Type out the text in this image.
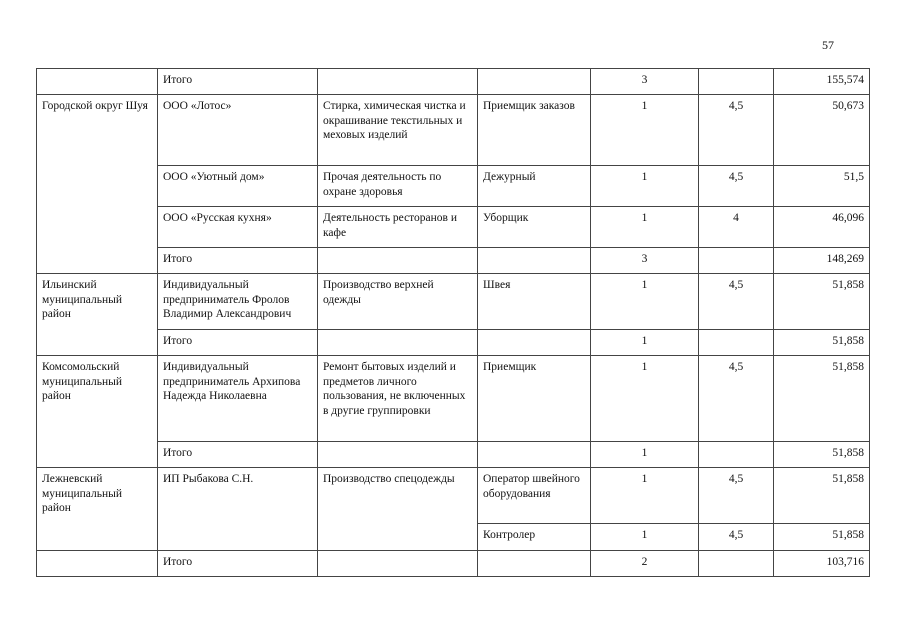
57
	Итого			3		155,574
Городской округ Шуя	ООО «Лотос»	Стирка, химическая чистка и окрашивание текстильных и меховых изделий	Приемщик заказов	1	4,5	50,673
	ООО «Уютный дом»	Прочая деятельность по охране здоровья	Дежурный	1	4,5	51,5
	ООО «Русская кухня»	Деятельность ресторанов и кафе	Уборщик	1	4	46,096
	Итого			3		148,269
Ильинский муниципальный район	Индивидуальный предприниматель Фролов Владимир Александрович	Производство верхней одежды	Швея	1	4,5	51,858
	Итого			1		51,858
Комсомольский муниципальный район	Индивидуальный предприниматель Архипова Надежда Николаевна	Ремонт бытовых изделий и предметов личного пользования, не включенных в другие группировки	Приемщик	1	4,5	51,858
	Итого			1		51,858
Лежневский муниципальный район	ИП Рыбакова С.Н.	Производство спецодежды	Оператор швейного оборудования	1	4,5	51,858
			Контролер	1	4,5	51,858
	Итого			2		103,716
